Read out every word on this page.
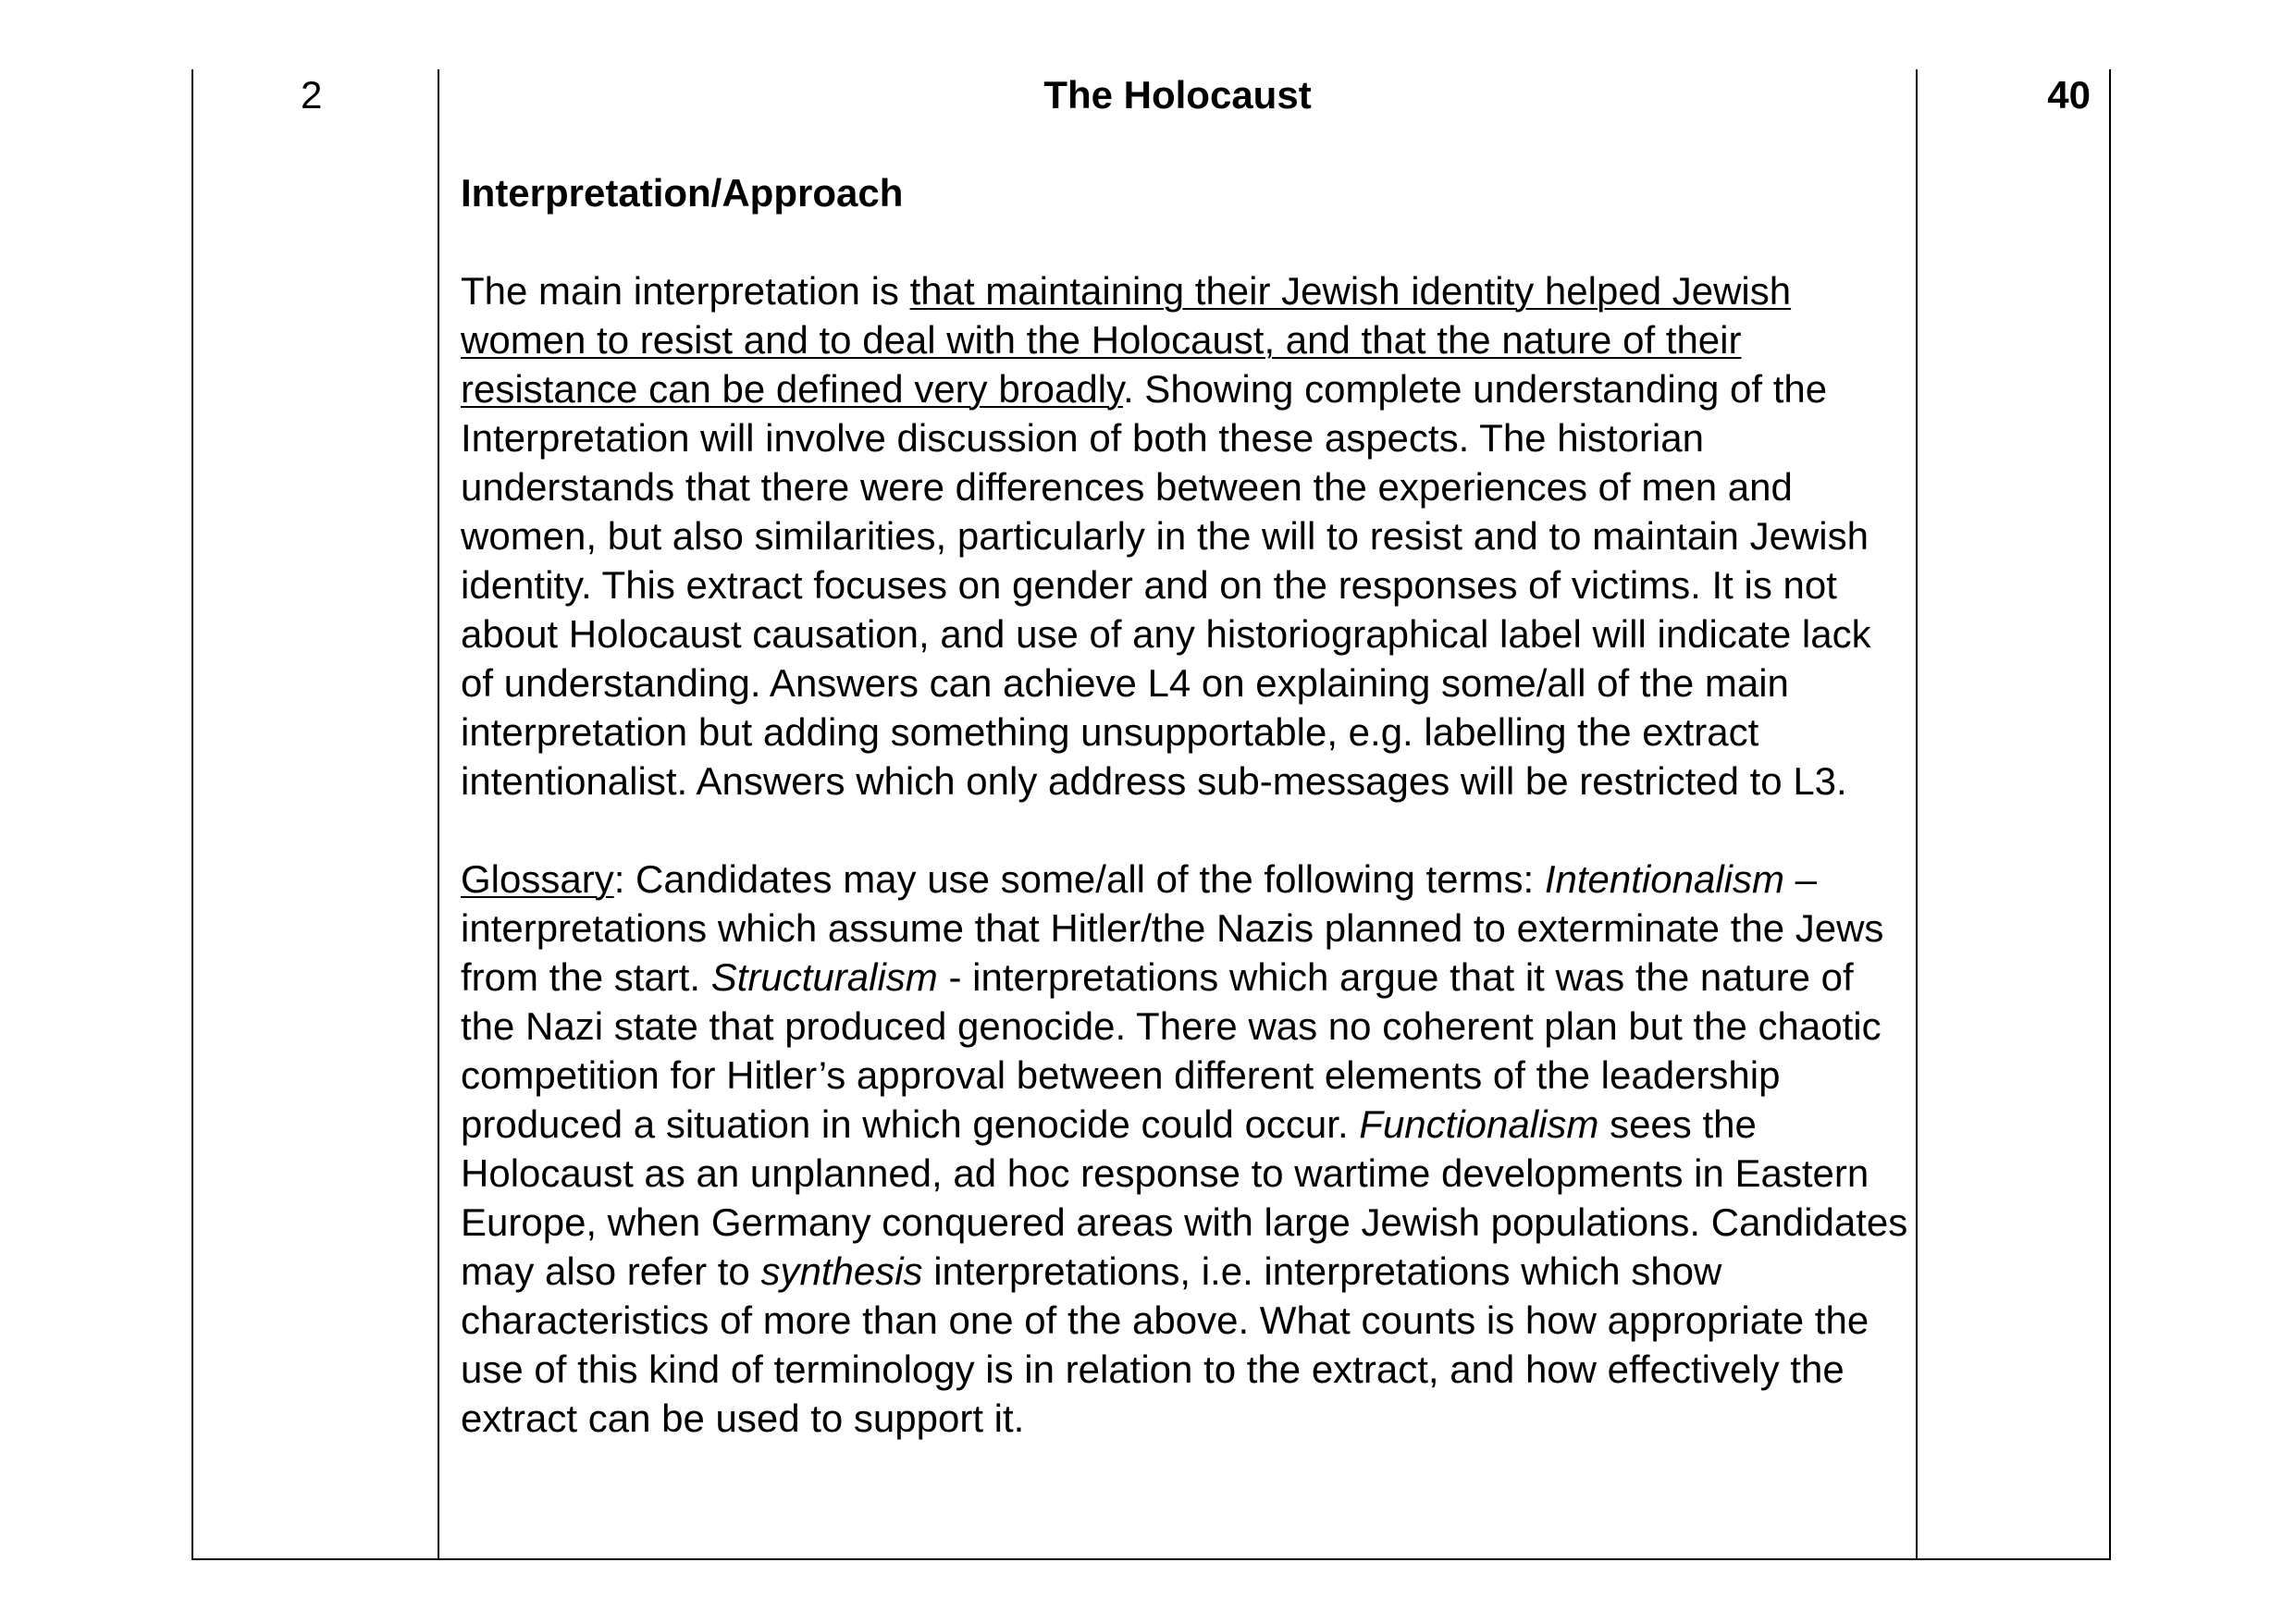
2	40
The Holocaust
Interpretation/Approach

The main interpretation is that maintaining their Jewish identity helped Jewish women to resist and to deal with the Holocaust, and that the nature of their resistance can be defined very broadly. Showing complete understanding of the Interpretation will involve discussion of both these aspects. The historian understands that there were differences between the experiences of men and women, but also similarities, particularly in the will to resist and to maintain Jewish identity. This extract focuses on gender and on the responses of victims. It is not about Holocaust causation, and use of any historiographical label will indicate lack of understanding. Answers can achieve L4 on explaining some/all of the main interpretation but adding something unsupportable, e.g. labelling the extract intentionalist. Answers which only address sub-messages will be restricted to L3.

Glossary: Candidates may use some/all of the following terms: Intentionalism – interpretations which assume that Hitler/the Nazis planned to exterminate the Jews from the start. Structuralism - interpretations which argue that it was the nature of the Nazi state that produced genocide. There was no coherent plan but the chaotic competition for Hitler’s approval between different elements of the leadership produced a situation in which genocide could occur. Functionalism sees the Holocaust as an unplanned, ad hoc response to wartime developments in Eastern Europe, when Germany conquered areas with large Jewish populations. Candidates may also refer to synthesis interpretations, i.e. interpretations which show characteristics of more than one of the above. What counts is how appropriate the use of this kind of terminology is in relation to the extract, and how effectively the extract can be used to support it.
